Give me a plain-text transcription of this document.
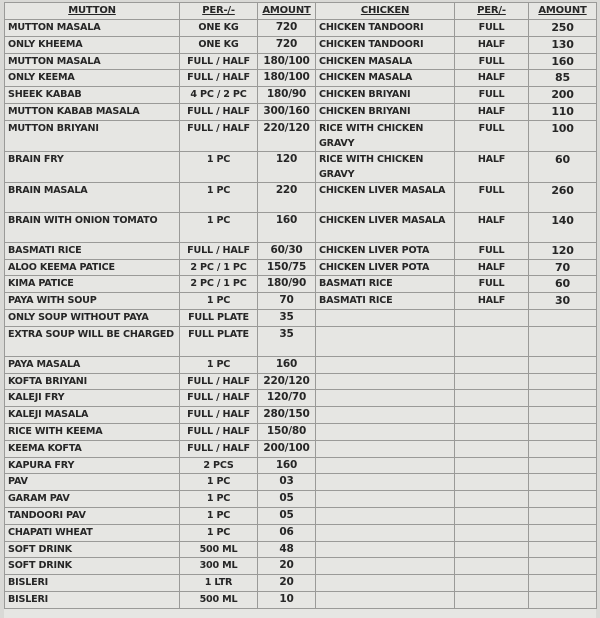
MUTTON	PER-/-	AMOUNT	CHICKEN	PER/-	AMOUNT
MUTTON MASALA	ONE KG	720	CHICKEN TANDOORI	FULL	250
ONLY KHEEMA	ONE KG	720	CHICKEN TANDOORI	HALF	130
MUTTON MASALA	FULL / HALF	180/100	CHICKEN MASALA	FULL	160
ONLY KEEMA	FULL / HALF	180/100	CHICKEN MASALA	HALF	85
SHEEK KABAB	4 PC / 2 PC	180/90	CHICKEN BRIYANI	FULL	200
MUTTON KABAB MASALA	FULL / HALF	300/160	CHICKEN BRIYANI	HALF	110
MUTTON BRIYANI	FULL / HALF	220/120	RICE WITH CHICKEN GRAVY	FULL	100
BRAIN FRY	1 PC	120	RICE WITH CHICKEN GRAVY	HALF	60
BRAIN MASALA	1 PC	220	CHICKEN LIVER MASALA	FULL	260
BRAIN WITH ONION TOMATO	1 PC	160	CHICKEN LIVER MASALA	HALF	140
BASMATI RICE	FULL / HALF	60/30	CHICKEN LIVER POTA	FULL	120
ALOO KEEMA PATICE	2 PC / 1 PC	150/75	CHICKEN LIVER POTA	HALF	70
KIMA PATICE	2 PC / 1 PC	180/90	BASMATI RICE	FULL	60
PAYA WITH SOUP	1 PC	70	BASMATI RICE	HALF	30
ONLY SOUP WITHOUT PAYA	FULL PLATE	35			
EXTRA SOUP WILL BE CHARGED	FULL PLATE	35			
PAYA MASALA	1 PC	160			
KOFTA BRIYANI	FULL / HALF	220/120			
KALEJI FRY	FULL / HALF	120/70			
KALEJI MASALA	FULL / HALF	280/150			
RICE WITH KEEMA	FULL / HALF	150/80			
KEEMA KOFTA	FULL / HALF	200/100			
KAPURA FRY	2 PCS	160			
PAV	1 PC	03			
GARAM PAV	1 PC	05			
TANDOORI PAV	1 PC	05			
CHAPATI WHEAT	1 PC	06			
SOFT DRINK	500 ML	48			
SOFT DRINK	300 ML	20			
BISLERI	1 LTR	20			
BISLERI	500 ML	10			
